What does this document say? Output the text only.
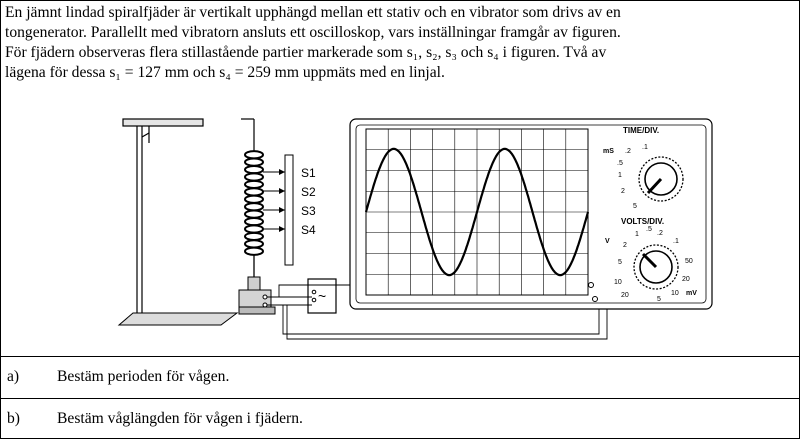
En jämnt lindad spiralfjäder är vertikalt upphängd mellan ett stativ och en vibrator som drivs av en
tongenerator. Parallellt med vibratorn ansluts ett oscilloskop, vars inställningar framgår av figuren.
För fjädern observeras flera stillastående partier markerade som s₁, s₂, s₃ och s₄ i figuren. Två av
lägena för dessa s₁ = 127 mm och s₄ = 259 mm uppmäts med en linjal.

S1
S2
S3
S4
~
TIME/DIV.
mS .2
.1
.5
1
2
5
VOLTS/DIV.
V
1
.5
.2
.1
2
5
10
20
50
20
10 mV
5
a) Bestäm perioden för vågen.
b) Bestäm våglängden för vågen i fjädern.
